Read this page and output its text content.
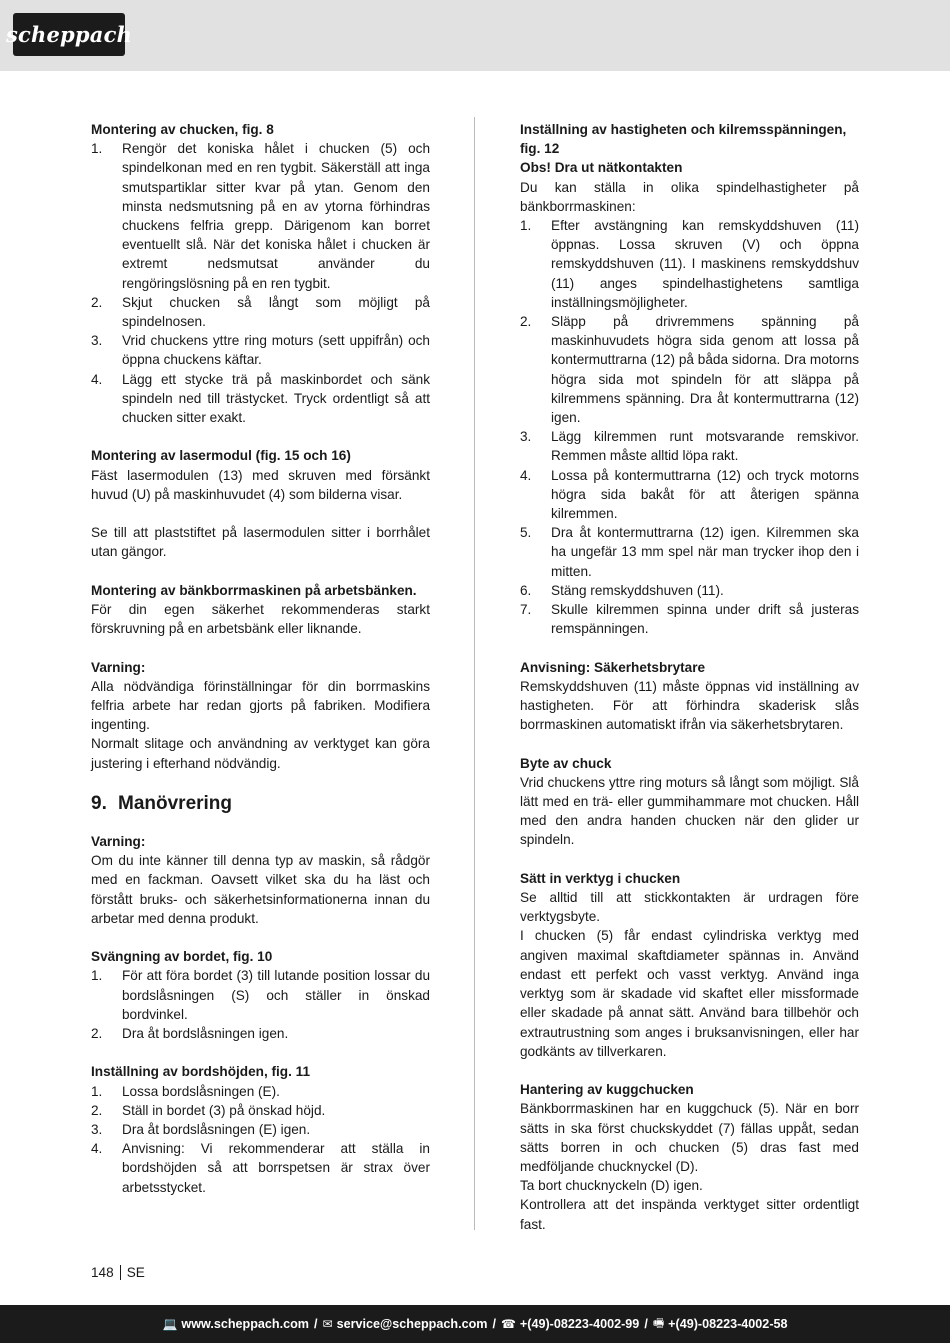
scheppach
Montering av chucken, fig. 8
1. Rengör det koniska hålet i chucken (5) och spindelkonan med en ren tygbit. Säkerställ att inga smutspartiklar sitter kvar på ytan. Genom den minsta nedsmutsning på en av ytorna förhindras chuckens felfria grepp. Därigenom kan borret eventuellt slå. När det koniska hålet i chucken är extremt nedsmutsat använder du rengöringslösning på en ren tygbit.
2. Skjut chucken så långt som möjligt på spindelnosen.
3. Vrid chuckens yttre ring moturs (sett uppifrån) och öppna chuckens käftar.
4. Lägg ett stycke trä på maskinbordet och sänk spindeln ned till trästycket. Tryck ordentligt så att chucken sitter exakt.
Montering av lasermodul (fig. 15 och 16)

Fäst lasermodulen (13) med skruven med försänkt huvud (U) på maskinhuvudet (4) som bilderna visar.

Se till att plaststiftet på lasermodulen sitter i borrhålet utan gängor.

Montering av bänkborrmaskinen på arbetsbänken.

För din egen säkerhet rekommenderas starkt förskruvning på en arbetsbänk eller liknande.

Varning:

Alla nödvändiga förinställningar för din borrmaskins felfria arbete har redan gjorts på fabriken. Modifiera ingenting.

Normalt slitage och användning av verktyget kan göra justering i efterhand nödvändig.

9. Manövrering
Varning:

Om du inte känner till denna typ av maskin, så rådgör med en fackman. Oavsett vilket ska du ha läst och förstått bruks- och säkerhetsinformationerna innan du arbetar med denna produkt.

Svängning av bordet, fig. 10
1. För att föra bordet (3) till lutande position lossar du bordslåsningen (S) och ställer in önskad bordvinkel.
2. Dra åt bordslåsningen igen.
Inställning av bordshöjden, fig. 11
1. Lossa bordslåsningen (E).
2. Ställ in bordet (3) på önskad höjd.
3. Dra åt bordslåsningen (E) igen.
4. Anvisning: Vi rekommenderar att ställa in bordshöjden så att borrspetsen är strax över arbetsstycket.
Inställning av hastigheten och kilremsspänningen, fig. 12
Obs! Dra ut nätkontakten

Du kan ställa in olika spindelhastigheter på bänkborrmaskinen:

1. Efter avstängning kan remskyddshuven (11) öppnas. Lossa skruven (V) och öppna remskyddshuven (11). I maskinens remskyddshuv (11) anges spindelhastighetens samtliga inställningsmöjligheter.
2. Släpp på drivremmens spänning på maskinhuvudets högra sida genom att lossa på kontermuttrarna (12) på båda sidorna. Dra motorns högra sida mot spindeln för att släppa på kilremmens spänning. Dra åt kontermuttrarna (12) igen.
3. Lägg kilremmen runt motsvarande remskivor. Remmen måste alltid löpa rakt.
4. Lossa på kontermuttrarna (12) och tryck motorns högra sida bakåt för att återigen spänna kilremmen.
5. Dra åt kontermuttrarna (12) igen. Kilremmen ska ha ungefär 13 mm spel när man trycker ihop den i mitten.
6. Stäng remskyddshuven (11).
7. Skulle kilremmen spinna under drift så justeras remspänningen.
Anvisning: Säkerhetsbrytare

Remskyddshuven (11) måste öppnas vid inställning av hastigheten. För att förhindra skaderisk slås borrmaskinen automatiskt ifrån via säkerhetsbrytaren.

Byte av chuck

Vrid chuckens yttre ring moturs så långt som möjligt. Slå lätt med en trä- eller gummihammare mot chucken. Håll med den andra handen chucken när den glider ur spindeln.

Sätt in verktyg i chucken

Se alltid till att stickkontakten är urdragen före verktygsbyte.

I chucken (5) får endast cylindriska verktyg med angiven maximal skaftdiameter spännas in. Använd endast ett perfekt och vasst verktyg. Använd inga verktyg som är skadade vid skaftet eller missformade eller skadade på annat sätt. Använd bara tillbehör och extrautrustning som anges i bruksanvisningen, eller har godkänts av tillverkaren.

Hantering av kuggchucken

Bänkborrmaskinen har en kuggchuck (5). När en borr sätts in ska först chuckskyddet (7) fällas uppåt, sedan sätts borren in och chucken (5) dras fast med medföljande chucknyckel (D).

Ta bort chucknyckeln (D) igen.

Kontrollera att det inspända verktyget sitter ordentligt fast.

148 SE
💻 www.scheppach.com / ✉ service@scheppach.com / ☎ +(49)-08223-4002-99 / 🖷 +(49)-08223-4002-58
